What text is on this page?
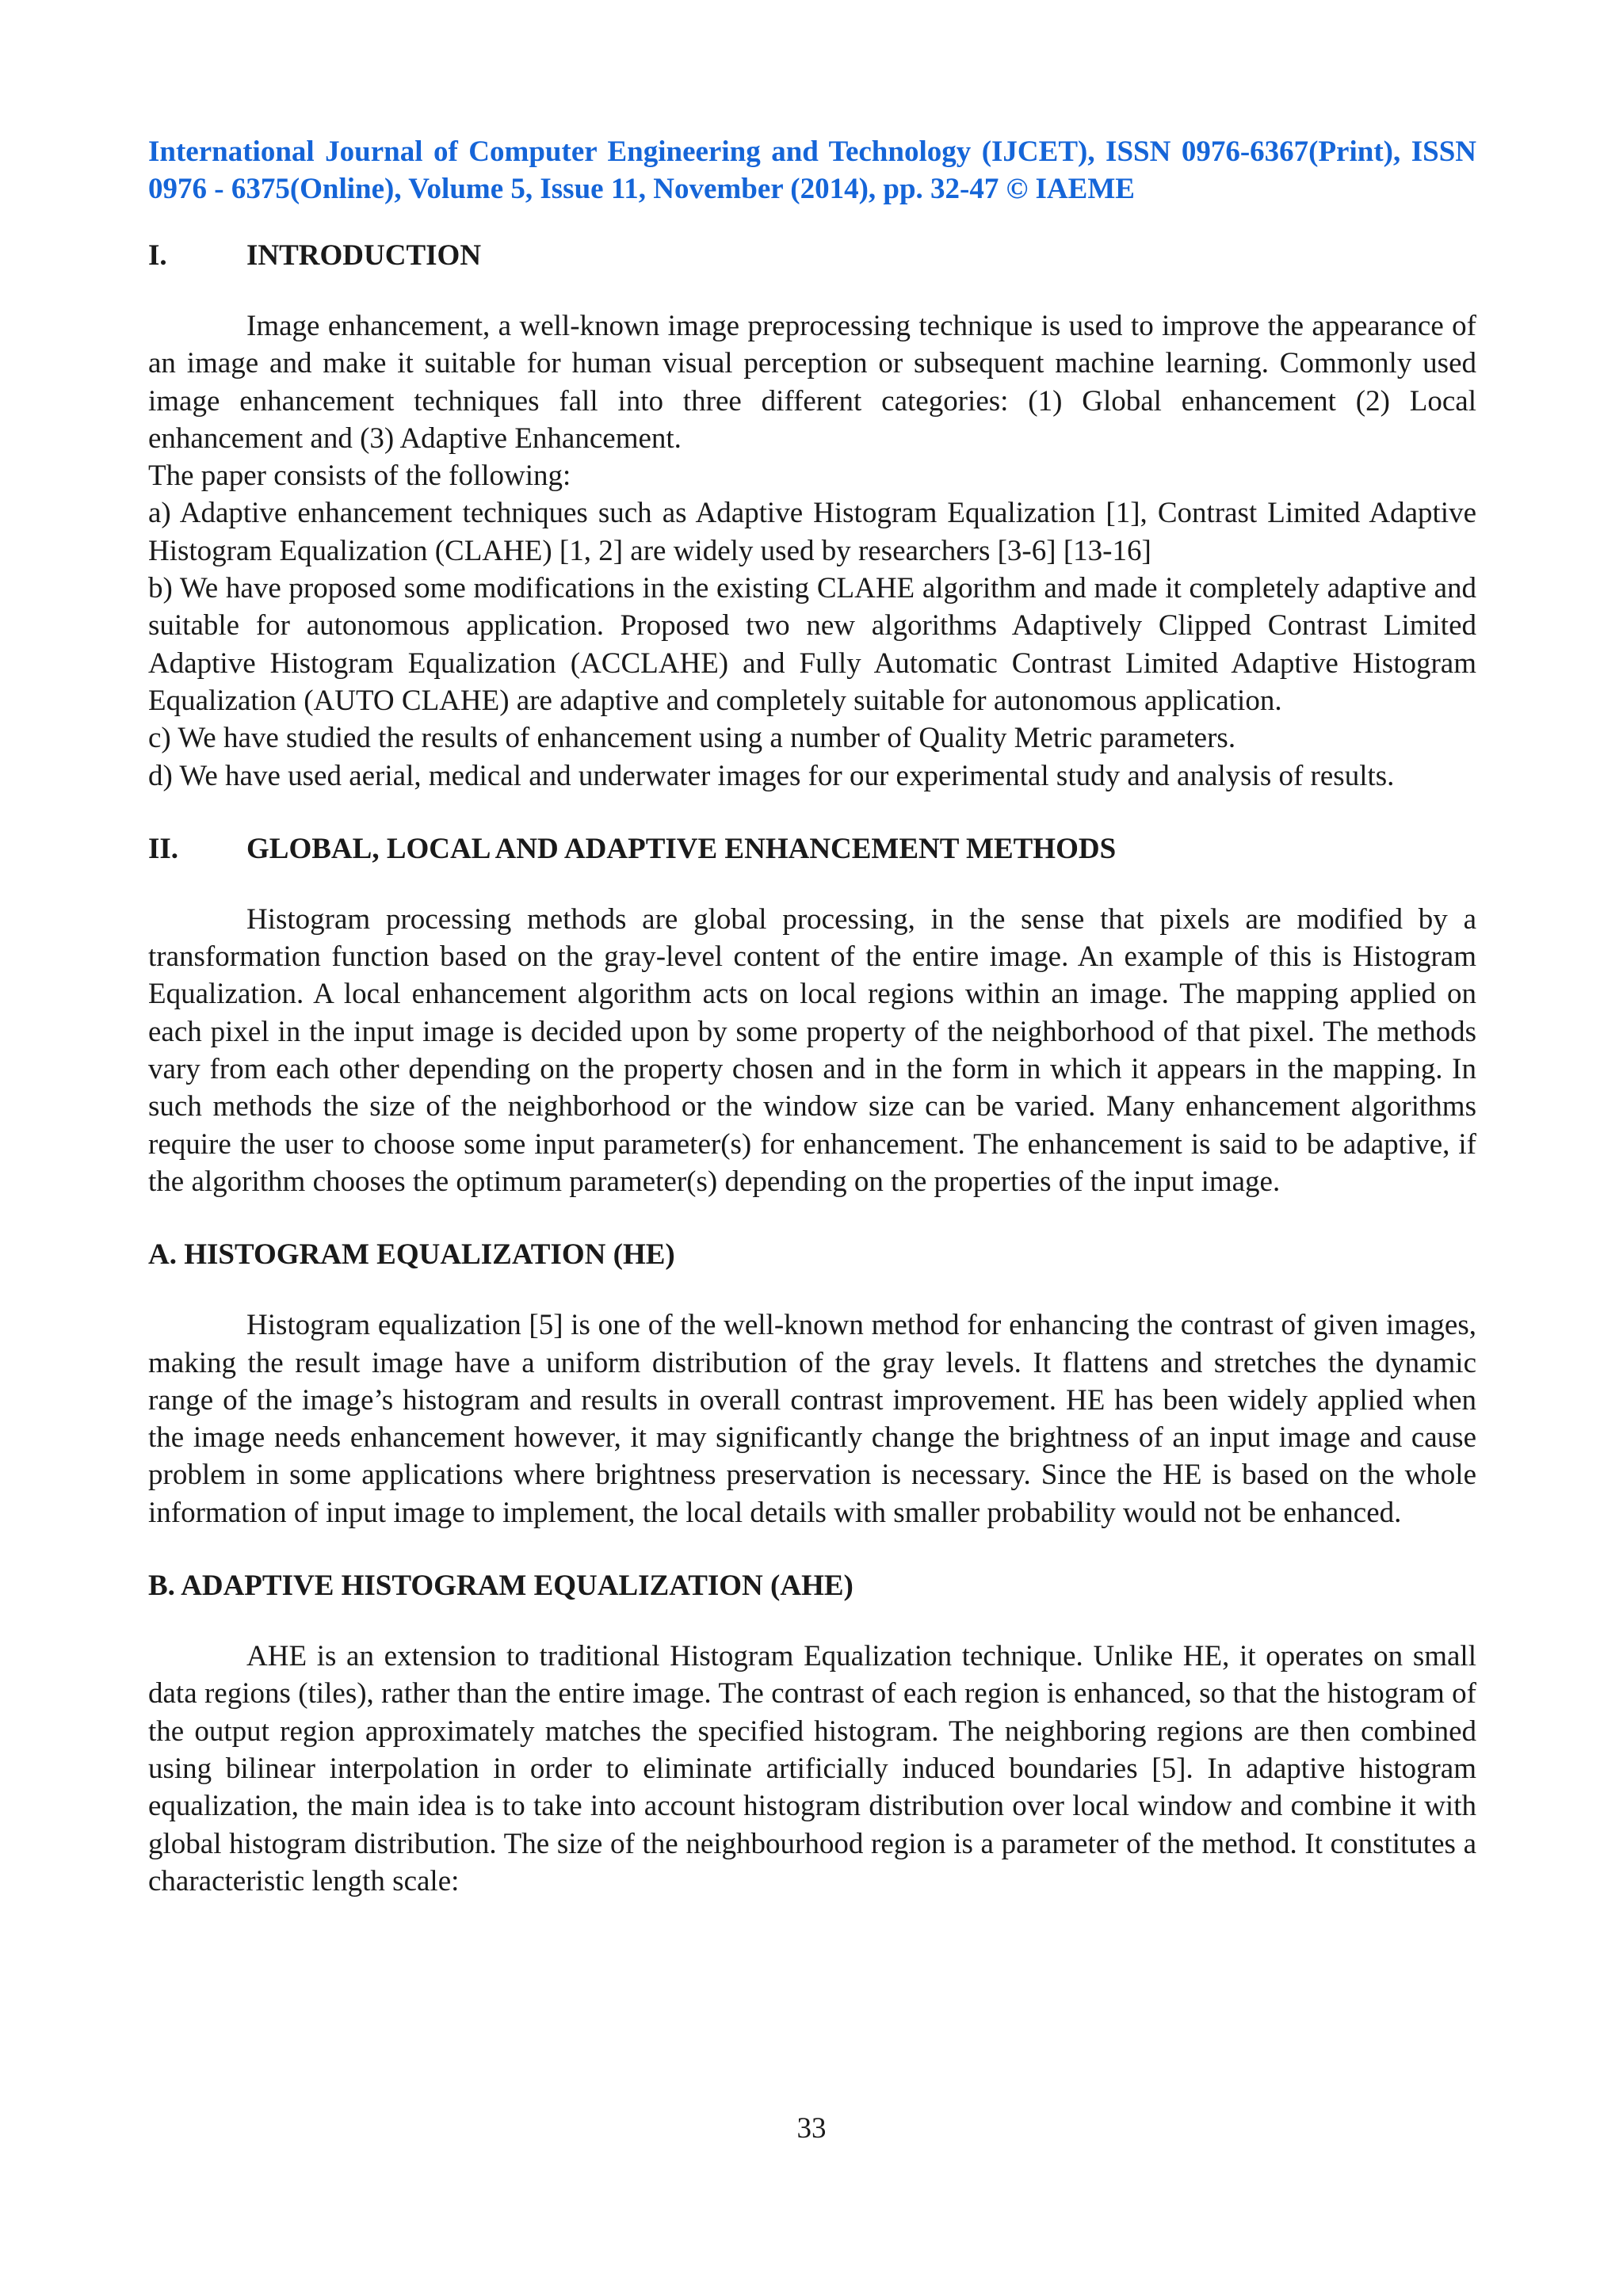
International Journal of Computer Engineering and Technology (IJCET), ISSN 0976-6367(Print), ISSN 0976 - 6375(Online), Volume 5, Issue 11, November (2014), pp. 32-47 © IAEME
I.	INTRODUCTION

Image enhancement, a well-known image preprocessing technique is used to improve the appearance of an image and make it suitable for human visual perception or subsequent machine learning. Commonly used image enhancement techniques fall into three different categories: (1) Global enhancement (2) Local enhancement and (3) Adaptive Enhancement.

The paper consists of the following:

a) Adaptive enhancement techniques such as Adaptive Histogram Equalization [1], Contrast Limited Adaptive Histogram Equalization (CLAHE) [1, 2] are widely used by researchers [3-6] [13-16]

b) We have proposed some modifications in the existing CLAHE algorithm and made it completely adaptive and suitable for autonomous application. Proposed two new algorithms Adaptively Clipped Contrast Limited Adaptive Histogram Equalization (ACCLAHE) and Fully Automatic Contrast Limited Adaptive Histogram Equalization (AUTO CLAHE) are adaptive and completely suitable for autonomous application.

c) We have studied the results of enhancement using a number of Quality Metric parameters.

d) We have used aerial, medical and underwater images for our experimental study and analysis of results.

II.	GLOBAL, LOCAL AND ADAPTIVE ENHANCEMENT METHODS

Histogram processing methods are global processing, in the sense that pixels are modified by a transformation function based on the gray-level content of the entire image. An example of this is Histogram Equalization. A local enhancement algorithm acts on local regions within an image. The mapping applied on each pixel in the input image is decided upon by some property of the neighborhood of that pixel. The methods vary from each other depending on the property chosen and in the form in which it appears in the mapping. In such methods the size of the neighborhood or the window size can be varied. Many enhancement algorithms require the user to choose some input parameter(s) for enhancement. The enhancement is said to be adaptive, if the algorithm chooses the optimum parameter(s) depending on the properties of the input image.

A. HISTOGRAM EQUALIZATION (HE)

Histogram equalization [5] is one of the well-known method for enhancing the contrast of given images, making the result image have a uniform distribution of the gray levels. It flattens and stretches the dynamic range of the image’s histogram and results in overall contrast improvement. HE has been widely applied when the image needs enhancement however, it may significantly change the brightness of an input image and cause problem in some applications where brightness preservation is necessary. Since the HE is based on the whole information of input image to implement, the local details with smaller probability would not be enhanced.

B. ADAPTIVE HISTOGRAM EQUALIZATION (AHE)

AHE is an extension to traditional Histogram Equalization technique. Unlike HE, it operates on small data regions (tiles), rather than the entire image. The contrast of each region is enhanced, so that the histogram of the output region approximately matches the specified histogram. The neighboring regions are then combined using bilinear interpolation in order to eliminate artificially induced boundaries [5]. In adaptive histogram equalization, the main idea is to take into account histogram distribution over local window and combine it with global histogram distribution. The size of the neighbourhood region is a parameter of the method. It constitutes a characteristic length scale:

33
